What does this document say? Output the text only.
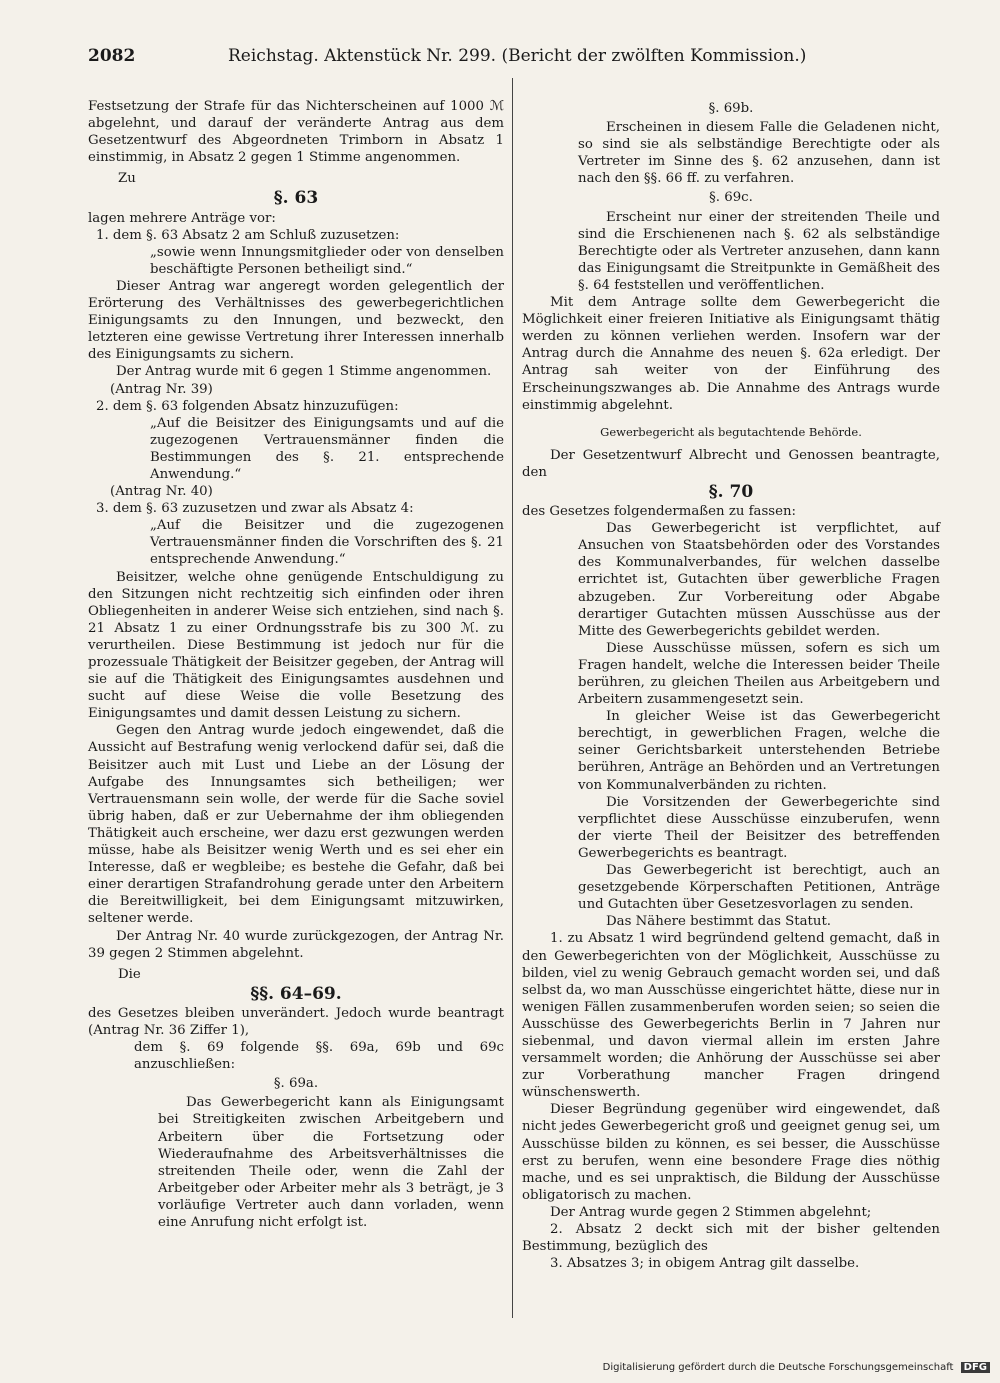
2082	Reichstag. Aktenstück Nr. 299. (Bericht der zwölften Kommission.)

Festsetzung der Strafe für das Nichterscheinen auf 1000 ℳ abgelehnt, und darauf der veränderte Antrag aus dem Gesetzentwurf des Abgeordneten Trimborn in Absatz 1 einstimmig, in Absatz 2 gegen 1 Stimme angenommen.

Zu

§. 63

lagen mehrere Anträge vor:

1. dem §. 63 Absatz 2 am Schluß zuzusetzen:

„sowie wenn Innungsmitglieder oder von denselben beschäftigte Personen betheiligt sind.“

Dieser Antrag war angeregt worden gelegentlich der Erörterung des Verhältnisses des gewerbegerichtlichen Einigungsamts zu den Innungen, und bezweckt, den letzteren eine gewisse Vertretung ihrer Interessen innerhalb des Einigungsamts zu sichern.

Der Antrag wurde mit 6 gegen 1 Stimme angenommen.

(Antrag Nr. 39)

2. dem §. 63 folgenden Absatz hinzuzufügen:

„Auf die Beisitzer des Einigungsamts und auf die zugezogenen Vertrauensmänner finden die Bestimmungen des §. 21. entsprechende Anwendung.“

(Antrag Nr. 40)

3. dem §. 63 zuzusetzen und zwar als Absatz 4:

„Auf die Beisitzer und die zugezogenen Vertrauensmänner finden die Vorschriften des §. 21 entsprechende Anwendung.“

Beisitzer, welche ohne genügende Entschuldigung zu den Sitzungen nicht rechtzeitig sich einfinden oder ihren Obliegenheiten in anderer Weise sich entziehen, sind nach §. 21 Absatz 1 zu einer Ordnungsstrafe bis zu 300 ℳ. zu verurtheilen. Diese Bestimmung ist jedoch nur für die prozessuale Thätigkeit der Beisitzer gegeben, der Antrag will sie auf die Thätigkeit des Einigungsamtes ausdehnen und sucht auf diese Weise die volle Besetzung des Einigungsamtes und damit dessen Leistung zu sichern.

Gegen den Antrag wurde jedoch eingewendet, daß die Aussicht auf Bestrafung wenig verlockend dafür sei, daß die Beisitzer auch mit Lust und Liebe an der Lösung der Aufgabe des Innungsamtes sich betheiligen; wer Vertrauensmann sein wolle, der werde für die Sache soviel übrig haben, daß er zur Uebernahme der ihm obliegenden Thätigkeit auch erscheine, wer dazu erst gezwungen werden müsse, habe als Beisitzer wenig Werth und es sei eher ein Interesse, daß er wegbleibe; es bestehe die Gefahr, daß bei einer derartigen Strafandrohung gerade unter den Arbeitern die Bereitwilligkeit, bei dem Einigungsamt mitzuwirken, seltener werde.

Der Antrag Nr. 40 wurde zurückgezogen, der Antrag Nr. 39 gegen 2 Stimmen abgelehnt.

Die

§§. 64–69.

des Gesetzes bleiben unverändert. Jedoch wurde beantragt (Antrag Nr. 36 Ziffer 1),

dem §. 69 folgende §§. 69a, 69b und 69c anzuschließen:

§. 69a.

Das Gewerbegericht kann als Einigungsamt bei Streitigkeiten zwischen Arbeitgebern und Arbeitern über die Fortsetzung oder Wiederaufnahme des Arbeitsverhältnisses die streitenden Theile oder, wenn die Zahl der Arbeitgeber oder Arbeiter mehr als 3 beträgt, je 3 vorläufige Vertreter auch dann vorladen, wenn eine Anrufung nicht erfolgt ist.

§. 69b.

Erscheinen in diesem Falle die Geladenen nicht, so sind sie als selbständige Berechtigte oder als Vertreter im Sinne des §. 62 anzusehen, dann ist nach den §§. 66 ff. zu verfahren.

§. 69c.

Erscheint nur einer der streitenden Theile und sind die Erschienenen nach §. 62 als selbständige Berechtigte oder als Vertreter anzusehen, dann kann das Einigungsamt die Streitpunkte in Gemäßheit des §. 64 feststellen und veröffentlichen.

Mit dem Antrage sollte dem Gewerbegericht die Möglichkeit einer freieren Initiative als Einigungsamt thätig werden zu können verliehen werden. Insofern war der Antrag durch die Annahme des neuen §. 62a erledigt. Der Antrag sah weiter von der Einführung des Erscheinungszwanges ab. Die Annahme des Antrags wurde einstimmig abgelehnt.

Gewerbegericht als begutachtende Behörde.

Der Gesetzentwurf Albrecht und Genossen beantragte, den

§. 70

des Gesetzes folgendermaßen zu fassen:

Das Gewerbegericht ist verpflichtet, auf Ansuchen von Staatsbehörden oder des Vorstandes des Kommunalverbandes, für welchen dasselbe errichtet ist, Gutachten über gewerbliche Fragen abzugeben. Zur Vorbereitung oder Abgabe derartiger Gutachten müssen Ausschüsse aus der Mitte des Gewerbegerichts gebildet werden.

Diese Ausschüsse müssen, sofern es sich um Fragen handelt, welche die Interessen beider Theile berühren, zu gleichen Theilen aus Arbeitgebern und Arbeitern zusammengesetzt sein.

In gleicher Weise ist das Gewerbegericht berechtigt, in gewerblichen Fragen, welche die seiner Gerichtsbarkeit unterstehenden Betriebe berühren, Anträge an Behörden und an Vertretungen von Kommunalverbänden zu richten.

Die Vorsitzenden der Gewerbegerichte sind verpflichtet diese Ausschüsse einzuberufen, wenn der vierte Theil der Beisitzer des betreffenden Gewerbegerichts es beantragt.

Das Gewerbegericht ist berechtigt, auch an gesetzgebende Körperschaften Petitionen, Anträge und Gutachten über Gesetzesvorlagen zu senden.

Das Nähere bestimmt das Statut.

1. zu Absatz 1 wird begründend geltend gemacht, daß in den Gewerbegerichten von der Möglichkeit, Ausschüsse zu bilden, viel zu wenig Gebrauch gemacht worden sei, und daß selbst da, wo man Ausschüsse eingerichtet hätte, diese nur in wenigen Fällen zusammenberufen worden seien; so seien die Ausschüsse des Gewerbegerichts Berlin in 7 Jahren nur siebenmal, und davon viermal allein im ersten Jahre versammelt worden; die Anhörung der Ausschüsse sei aber zur Vorberathung mancher Fragen dringend wünschenswerth.

Dieser Begründung gegenüber wird eingewendet, daß nicht jedes Gewerbegericht groß und geeignet genug sei, um Ausschüsse bilden zu können, es sei besser, die Ausschüsse erst zu berufen, wenn eine besondere Frage dies nöthig mache, und es sei unpraktisch, die Bildung der Ausschüsse obligatorisch zu machen.

Der Antrag wurde gegen 2 Stimmen abgelehnt;

2. Absatz 2 deckt sich mit der bisher geltenden Bestimmung, bezüglich des

3. Absatzes 3; in obigem Antrag gilt dasselbe.

Digitalisierung gefördert durch die Deutsche Forschungsgemeinschaft DFG
